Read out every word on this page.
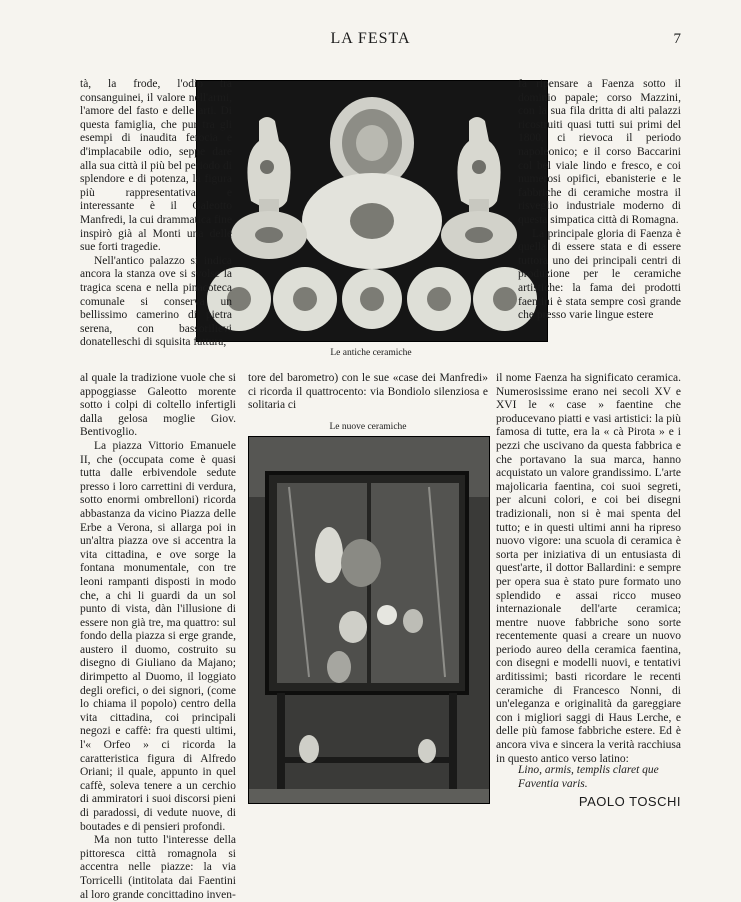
LA FESTA	7
Le antiche ceramiche

tà, la frode, l'odio tra consanguinei, il valore nell'armi, l'amore del fasto e delle arti. Di questa famiglia, che pur tra gli esempi di inaudita ferocia e d'implacabile odio, seppe dare alla sua città il più bel periodo di splendore e di potenza, la figura più rappresentativa e interessante è il Galeotto Manfredi, la cui drammatica fine inspirò già al Monti una delle sue forti tragedie.

Nell'antico palazzo si indica ancora la stanza ove si svolse la tragica scena e nella pinacoteca comunale si conserva un bellissimo camerino di pietra serena, con bassorilievi donatelleschi di squisita fattura,

fa ripensare a Faenza sotto il dominio papale; corso Mazzini, con la sua fila dritta di alti palazzi ricostruiti quasi tutti sui primi del 1800, ci rievoca il periodo napoleonico; e il corso Baccarini col bel viale lindo e fresco, e coi numerosi opifici, ebanisterie e le fabbriche di ceramiche mostra il risveglio industriale moderno di questa simpatica città di Romagna.

La principale gloria di Faenza è quella di essere stata e di essere tuttora uno dei principali centri di produzione per le ceramiche artistiche: la fama dei prodotti faentini è stata sempre così grande che presso varie lingue estere

al quale la tradizione vuole che si appoggiasse Galeotto morente sotto i colpi di coltello infertigli dalla gelosa moglie Giov. Bentivoglio.

La piazza Vittorio Emanuele II, che (occupata come è quasi tutta dalle erbivendole sedute presso i loro carrettini di verdura, sotto enormi ombrelloni) ricorda abbastanza da vicino Piazza delle Erbe a Verona, si allarga poi in un'altra piazza ove si accentra la vita cittadina, e ove sorge la fontana monumentale, con tre leoni rampanti disposti in modo che, a chi li guardi da un sol punto di vista, dàn l'illusione di essere non già tre, ma quattro: sul fondo della piazza si erge grande, austero il duomo, costruito su disegno di Giuliano da Majano; dirimpetto al Duomo, il loggiato degli orefici, o dei signori, (come lo chiama il popolo) centro della vita cittadina, coi principali negozi e caffè: fra questi ultimi, l'« Orfeo » ci ricorda la caratteristica figura di Alfredo Oriani; il quale, appunto in quel caffè, soleva tenere a un cerchio di ammiratori i suoi discorsi pieni di paradossi, di vedute nuove, di boutades e di pensieri profondi.

Ma non tutto l'interesse della pittoresca città romagnola si accentra nelle piazze: la via Torricelli (intitolata dai Faentini al loro grande concittadino inven-

tore del barometro) con le sue «case dei Manfredi» ci ricorda il quattrocento: via Bondiolo silenziosa e solitaria ci

Le nuove ceramiche

il nome Faenza ha significato ceramica. Numerosissime erano nei secoli XV e XVI le « case » faentine che producevano piatti e vasi artistici: la più famosa di tutte, era la « cà Pirota » e i pezzi che uscivano da questa fabbrica e che portavano la sua marca, hanno acquistato un valore grandissimo. L'arte majolicaria faentina, coi suoi segreti, per alcuni colori, e coi bei disegni tradizionali, non si è mai spenta del tutto; e in questi ultimi anni ha ripreso nuovo vigore: una scuola di ceramica è sorta per iniziativa di un entusiasta di quest'arte, il dottor Ballardini: e sempre per opera sua è stato pure formato uno splendido e assai ricco museo internazionale dell'arte ceramica; mentre nuove fabbriche sono sorte recentemente quasi a creare un nuovo periodo aureo della ceramica faentina, con disegni e modelli nuovi, e tentativi arditissimi; basti ricordare le recenti ceramiche di Francesco Nonni, di un'eleganza e originalità da gareggiare con i migliori saggi di Haus Lerche, e delle più famose fabbriche estere. Ed è ancora viva e sincera la verità racchiusa in questo antico verso latino:

Lino, armis, templis claret que Faventia varis.
PAOLO TOSCHI
